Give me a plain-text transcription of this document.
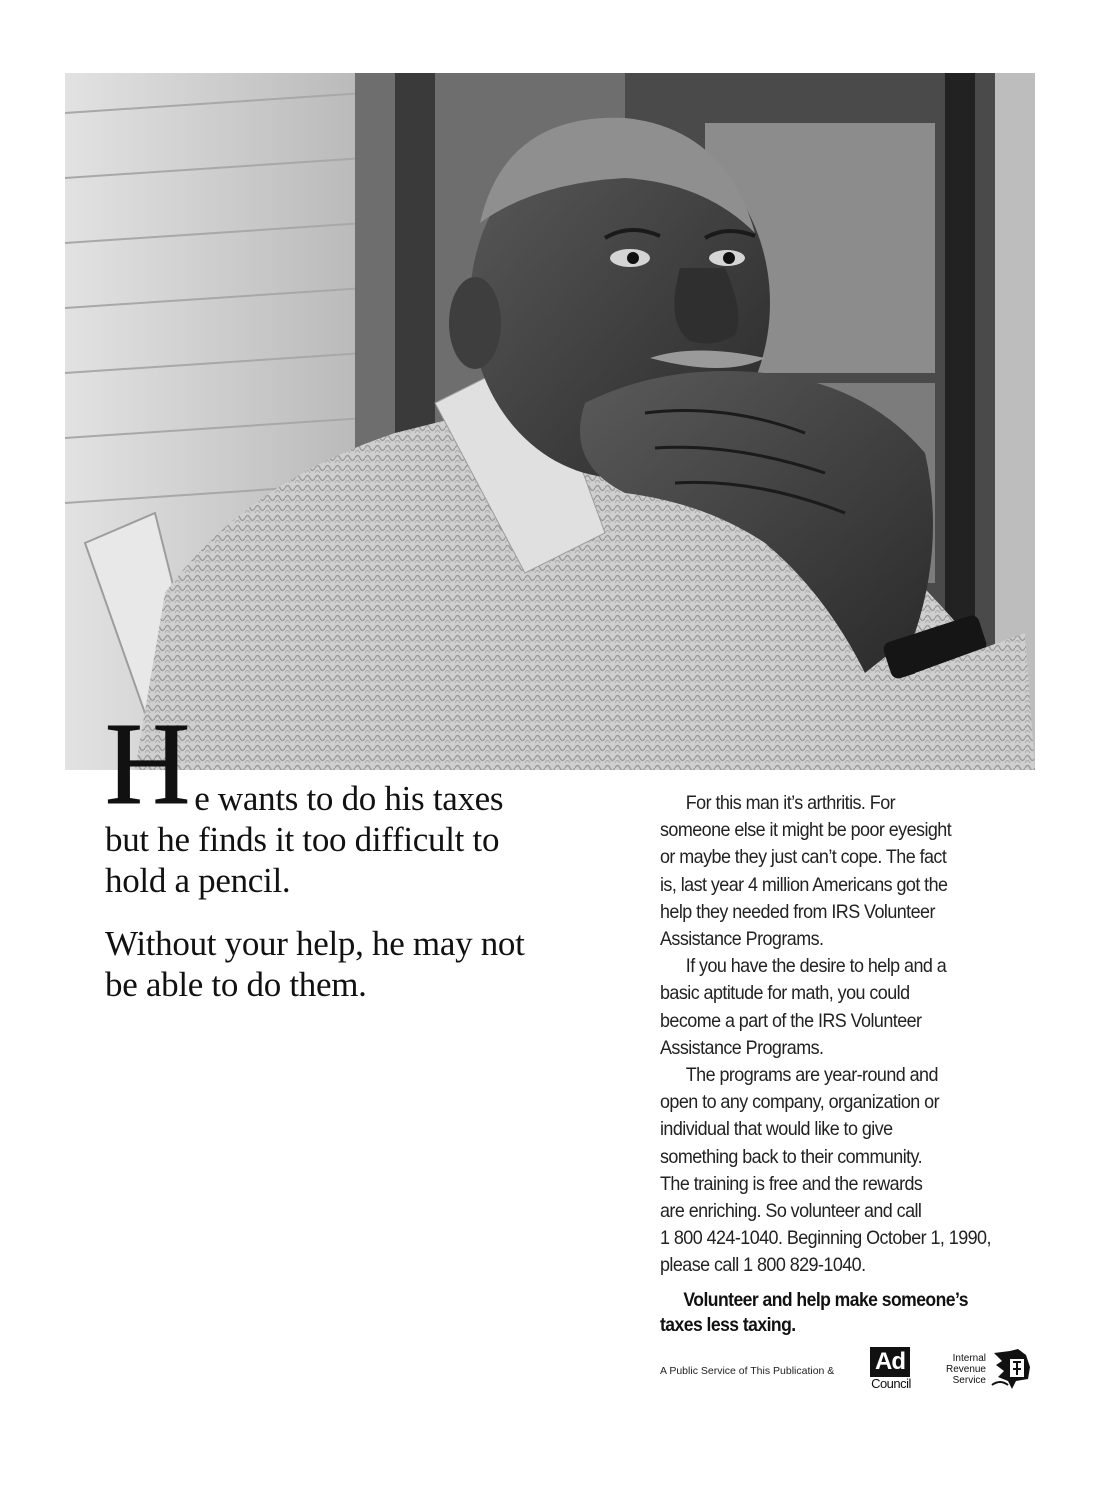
H e wants to do his taxes
but he finds it too difficult to
hold a pencil.

Without your help, he may not
be able to do them.

For this man it’s arthritis. For
someone else it might be poor eyesight
or maybe they just can’t cope. The fact
is, last year 4 million Americans got the
help they needed from IRS Volunteer
Assistance Programs.

If you have the desire to help and a
basic aptitude for math, you could
become a part of the IRS Volunteer
Assistance Programs.

The programs are year-round and
open to any company, organization or
individual that would like to give
something back to their community.
The training is free and the rewards
are enriching. So volunteer and call
1 800 424-1040. Beginning October 1, 1990,
please call 1 800 829-1040.

Volunteer and help make someone’s
taxes less taxing.
A Public Service of This Publication & Ad
Council
Internal
Revenue
Service
